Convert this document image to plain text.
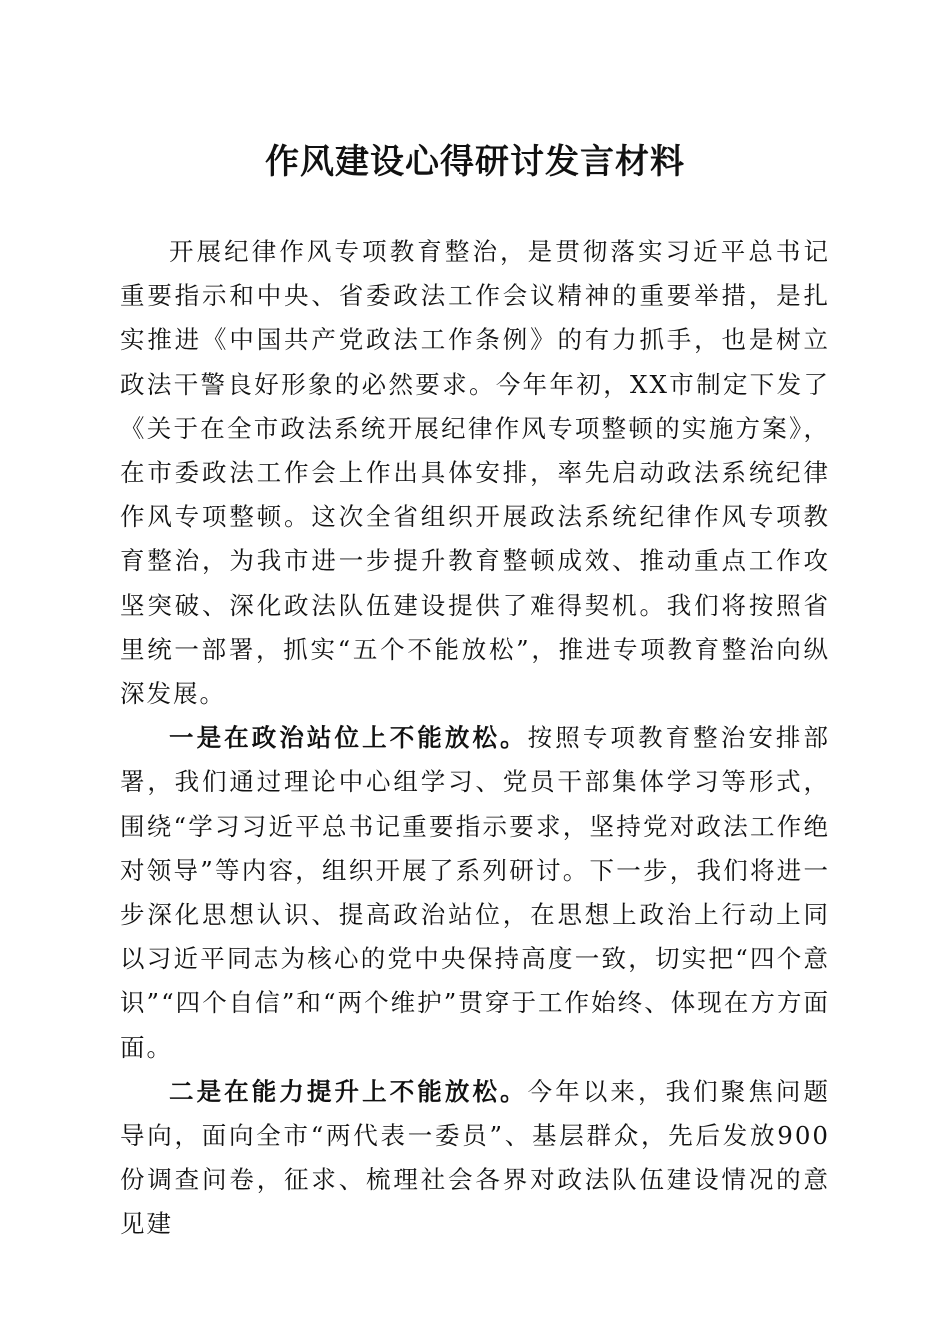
作风建设心得研讨发言材料

开展纪律作风专项教育整治，是贯彻落实习近平总书记重要指示和中央、省委政法工作会议精神的重要举措，是扎实推进《中国共产党政法工作条例》的有力抓手，也是树立政法干警良好形象的必然要求。今年年初，XX市制定下发了《关于在全市政法系统开展纪律作风专项整顿的实施方案》，在市委政法工作会上作出具体安排，率先启动政法系统纪律作风专项整顿。这次全省组织开展政法系统纪律作风专项教育整治，为我市进一步提升教育整顿成效、推动重点工作攻坚突破、深化政法队伍建设提供了难得契机。我们将按照省里统一部署，抓实“五个不能放松”，推进专项教育整治向纵深发展。

一是在政治站位上不能放松。按照专项教育整治安排部署，我们通过理论中心组学习、党员干部集体学习等形式，围绕“学习习近平总书记重要指示要求，坚持党对政法工作绝对领导”等内容，组织开展了系列研讨。下一步，我们将进一步深化思想认识、提高政治站位，在思想上政治上行动上同以习近平同志为核心的党中央保持高度一致，切实把“四个意识”“四个自信”和“两个维护”贯穿于工作始终、体现在方方面面。

二是在能力提升上不能放松。今年以来，我们聚焦问题导向，面向全市“两代表一委员”、基层群众，先后发放900份调查问卷，征求、梳理社会各界对政法队伍建设情况的意见建
